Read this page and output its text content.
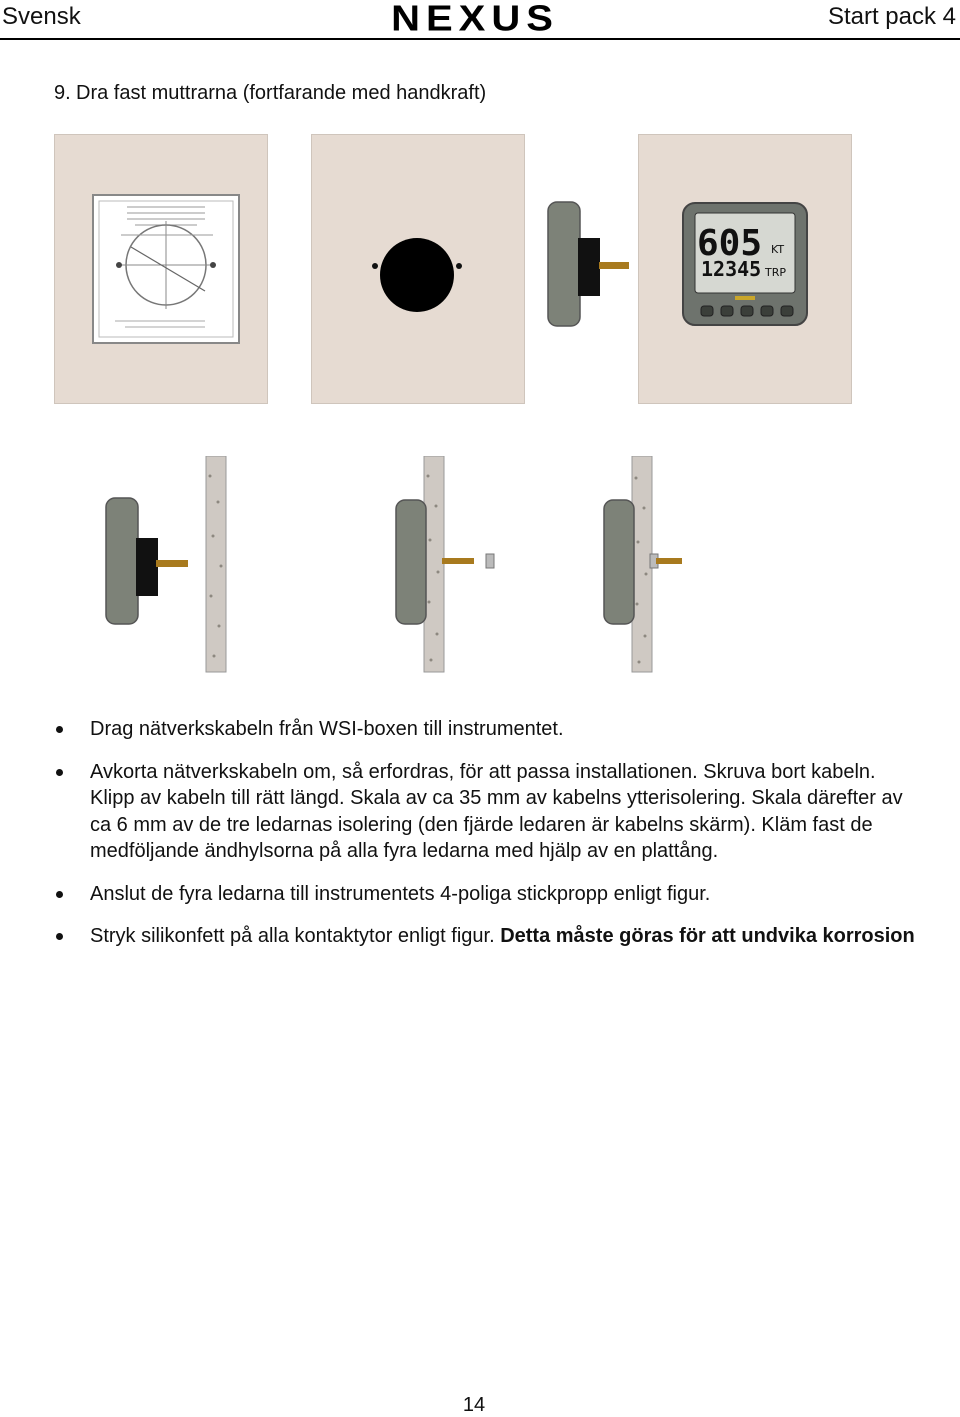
Svensk	NEXUS	Start pack 4
9. Dra fast muttrarna (fortfarande med handkraft)
605 KT
12345 TRP
Drag nätverkskabeln från WSI-boxen till instrumentet.
Avkorta nätverkskabeln om, så erfordras, för att passa installationen. Skruva bort kabeln. Klipp av kabeln till rätt längd. Skala av ca 35 mm av kabelns ytterisolering. Skala därefter av ca 6 mm av de tre ledarnas isolering (den fjärde ledaren är kabelns skärm). Kläm fast de medföljande ändhylsorna på alla fyra ledarna med hjälp av en plattång.
Anslut de fyra ledarna till instrumentets 4-poliga stickpropp enligt figur.
Stryk silikonfett på alla kontaktytor enligt figur. Detta måste göras för att undvika korrosion
14
